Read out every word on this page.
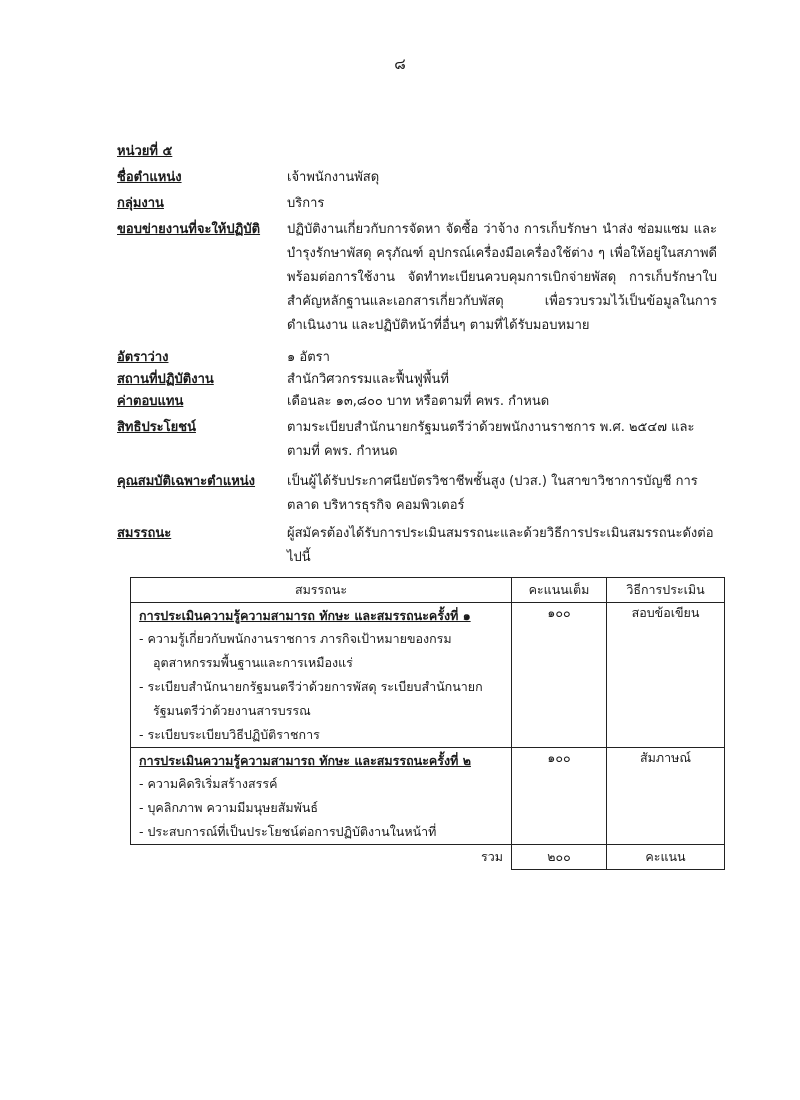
๘
หน่วยที่ ๕
ชื่อตำแหน่ง	เจ้าพนักงานพัสดุ
กลุ่มงาน	บริการ
ขอบข่ายงานที่จะให้ปฏิบัติ	ปฏิบัติงานเกี่ยวกับการจัดหา จัดซื้อ ว่าจ้าง การเก็บรักษา นำส่ง ซ่อมแซม และบำรุงรักษาพัสดุ ครุภัณฑ์ อุปกรณ์เครื่องมือเครื่องใช้ต่าง ๆ เพื่อให้อยู่ในสภาพดีพร้อมต่อการใช้งาน จัดทำทะเบียนควบคุมการเบิกจ่ายพัสดุ การเก็บรักษาใบสำคัญหลักฐานและเอกสารเกี่ยวกับพัสดุ เพื่อรวบรวมไว้เป็นข้อมูลในการดำเนินงาน และปฏิบัติหน้าที่อื่นๆ ตามที่ได้รับมอบหมาย
อัตราว่าง	๑ อัตรา
สถานที่ปฏิบัติงาน	สำนักวิศวกรรมและฟื้นฟูพื้นที่
ค่าตอบแทน	เดือนละ ๑๓,๘๐๐ บาท หรือตามที่ คพร. กำหนด
สิทธิประโยชน์	ตามระเบียบสำนักนายกรัฐมนตรีว่าด้วยพนักงานราชการ พ.ศ. ๒๕๔๗ และตามที่ คพร. กำหนด
คุณสมบัติเฉพาะตำแหน่ง	เป็นผู้ได้รับประกาศนียบัตรวิชาชีพชั้นสูง (ปวส.) ในสาขาวิชาการบัญชี การตลาด บริหารธุรกิจ คอมพิวเตอร์
สมรรถนะ	ผู้สมัครต้องได้รับการประเมินสมรรถนะและด้วยวิธีการประเมินสมรรถนะดังต่อไปนี้
สมรรถนะ	คะแนนเต็ม	วิธีการประเมิน

การประเมินความรู้ความสามารถ ทักษะ และสมรรถนะครั้งที่ ๑
- ความรู้เกี่ยวกับพนักงานราชการ ภารกิจเป้าหมายของกรมอุตสาหกรรมพื้นฐานและการเหมืองแร่
- ระเบียบสำนักนายกรัฐมนตรีว่าด้วยการพัสดุ ระเบียบสำนักนายกรัฐมนตรีว่าด้วยงานสารบรรณ
- ระเบียบระเบียบวิธีปฏิบัติราชการ	๑๐๐	สอบข้อเขียน

การประเมินความรู้ความสามารถ ทักษะ และสมรรถนะครั้งที่ ๒
- ความคิดริเริ่มสร้างสรรค์
- บุคลิกภาพ ความมีมนุษยสัมพันธ์
- ประสบการณ์ที่เป็นประโยชน์ต่อการปฏิบัติงานในหน้าที่	๑๐๐	สัมภาษณ์
รวม	๒๐๐	คะแนน
